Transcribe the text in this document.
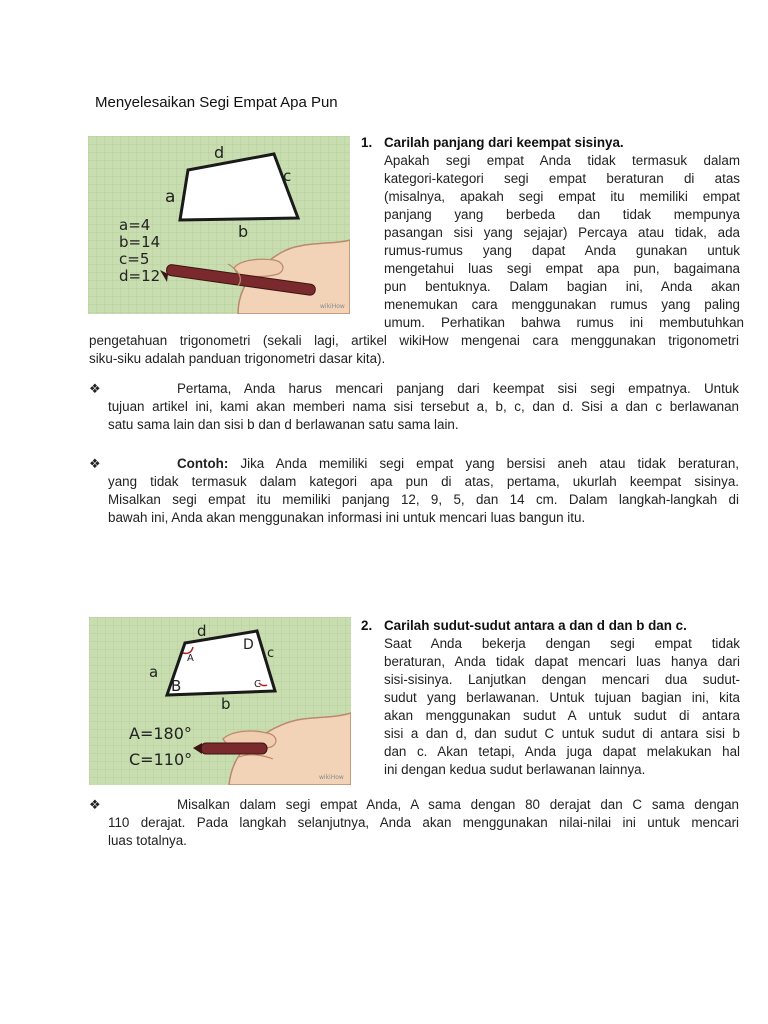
Menyelesaikan Segi Empat Apa Pun
d
c
a
b
a=4
b=14
c=5
d=12
wikiHow
1. Carilah panjang dari keempat sisinya.

Apakah segi empat Anda tidak termasuk dalam

kategori-kategori segi empat beraturan di atas

(misalnya, apakah segi empat itu memiliki empat

panjang yang berbeda dan tidak mempunya

pasangan sisi yang sejajar) Percaya atau tidak, ada

rumus-rumus yang dapat Anda gunakan untuk

mengetahui luas segi empat apa pun, bagaimana

pun bentuknya. Dalam bagian ini, Anda akan

menemukan cara menggunakan rumus yang paling

umum. Perhatikan bahwa rumus ini membutuhkan

pengetahuan trigonometri (sekali lagi, artikel wikiHow mengenai cara menggunakan trigonometri

siku-siku adalah panduan trigonometri dasar kita).

❖	Pertama, Anda harus mencari panjang dari keempat sisi segi empatnya. Untuk

tujuan artikel ini, kami akan memberi nama sisi tersebut a, b, c, dan d. Sisi a dan c berlawanan

satu sama lain dan sisi b dan d berlawanan satu sama lain.

❖	Contoh: Jika Anda memiliki segi empat yang bersisi aneh atau tidak beraturan,

yang tidak termasuk dalam kategori apa pun di atas, pertama, ukurlah keempat sisinya.

Misalkan segi empat itu memiliki panjang 12, 9, 5, dan 14 cm. Dalam langkah-langkah di

bawah ini, Anda akan menggunakan informasi ini untuk mencari luas bangun itu.

d
c
a
b
A
B	C
D
A=180°
C=110°
wikiHow
2. Carilah sudut-sudut antara a dan d dan b dan c.

Saat Anda bekerja dengan segi empat tidak

beraturan, Anda tidak dapat mencari luas hanya dari

sisi-sisinya. Lanjutkan dengan mencari dua sudut-

sudut yang berlawanan. Untuk tujuan bagian ini, kita

akan menggunakan sudut A untuk sudut di antara

sisi a dan d, dan sudut C untuk sudut di antara sisi b

dan c. Akan tetapi, Anda juga dapat melakukan hal

ini dengan kedua sudut berlawanan lainnya.

❖	Misalkan dalam segi empat Anda, A sama dengan 80 derajat dan C sama dengan

110 derajat. Pada langkah selanjutnya, Anda akan menggunakan nilai-nilai ini untuk mencari

luas totalnya.
